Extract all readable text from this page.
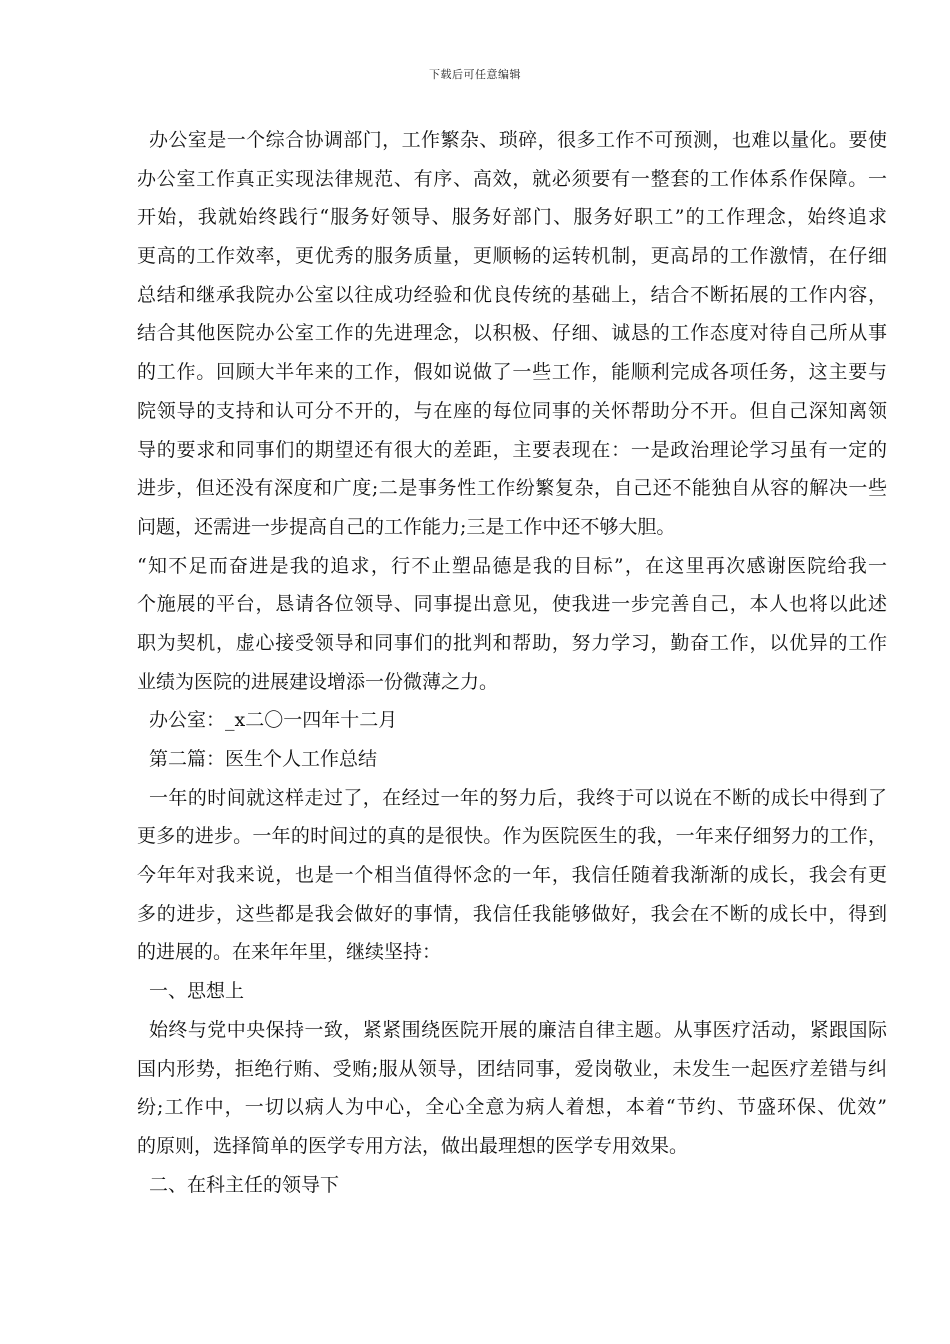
下载后可任意编辑
办公室是一个综合协调部门，工作繁杂、琐碎，很多工作不可预测，也难以量化。要使
办公室工作真正实现法律规范、有序、高效，就必须要有一整套的工作体系作保障。一
开始，我就始终践行“服务好领导、服务好部门、服务好职工”的工作理念，始终追求
更高的工作效率，更优秀的服务质量，更顺畅的运转机制，更高昂的工作激情，在仔细
总结和继承我院办公室以往成功经验和优良传统的基础上，结合不断拓展的工作内容，
结合其他医院办公室工作的先进理念，以积极、仔细、诚恳的工作态度对待自己所从事
的工作。回顾大半年来的工作，假如说做了一些工作，能顺利完成各项任务，这主要与
院领导的支持和认可分不开的，与在座的每位同事的关怀帮助分不开。但自己深知离领
导的要求和同事们的期望还有很大的差距，主要表现在：一是政治理论学习虽有一定的
进步，但还没有深度和广度;二是事务性工作纷繁复杂，自己还不能独自从容的解决一些
问题，还需进一步提高自己的工作能力;三是工作中还不够大胆。
“知不足而奋进是我的追求，行不止塑品德是我的目标”，在这里再次感谢医院给我一
个施展的平台，恳请各位领导、同事提出意见，使我进一步完善自己，本人也将以此述
职为契机，虚心接受领导和同事们的批判和帮助，努力学习，勤奋工作，以优异的工作
业绩为医院的进展建设增添一份微薄之力。
办公室：_x二〇一四年十二月
第二篇：医生个人工作总结
一年的时间就这样走过了，在经过一年的努力后，我终于可以说在不断的成长中得到了
更多的进步。一年的时间过的真的是很快。作为医院医生的我，一年来仔细努力的工作，
今年年对我来说，也是一个相当值得怀念的一年，我信任随着我渐渐的成长，我会有更
多的进步，这些都是我会做好的事情，我信任我能够做好，我会在不断的成长中，得到
的进展的。在来年年里，继续坚持：
一、思想上
始终与党中央保持一致，紧紧围绕医院开展的廉洁自律主题。从事医疗活动，紧跟国际
国内形势，拒绝行贿、受贿;服从领导，团结同事，爱岗敬业，未发生一起医疗差错与纠
纷;工作中，一切以病人为中心，全心全意为病人着想，本着“节约、节盛环保、优效”
的原则，选择简单的医学专用方法，做出最理想的医学专用效果。
二、在科主任的领导下
